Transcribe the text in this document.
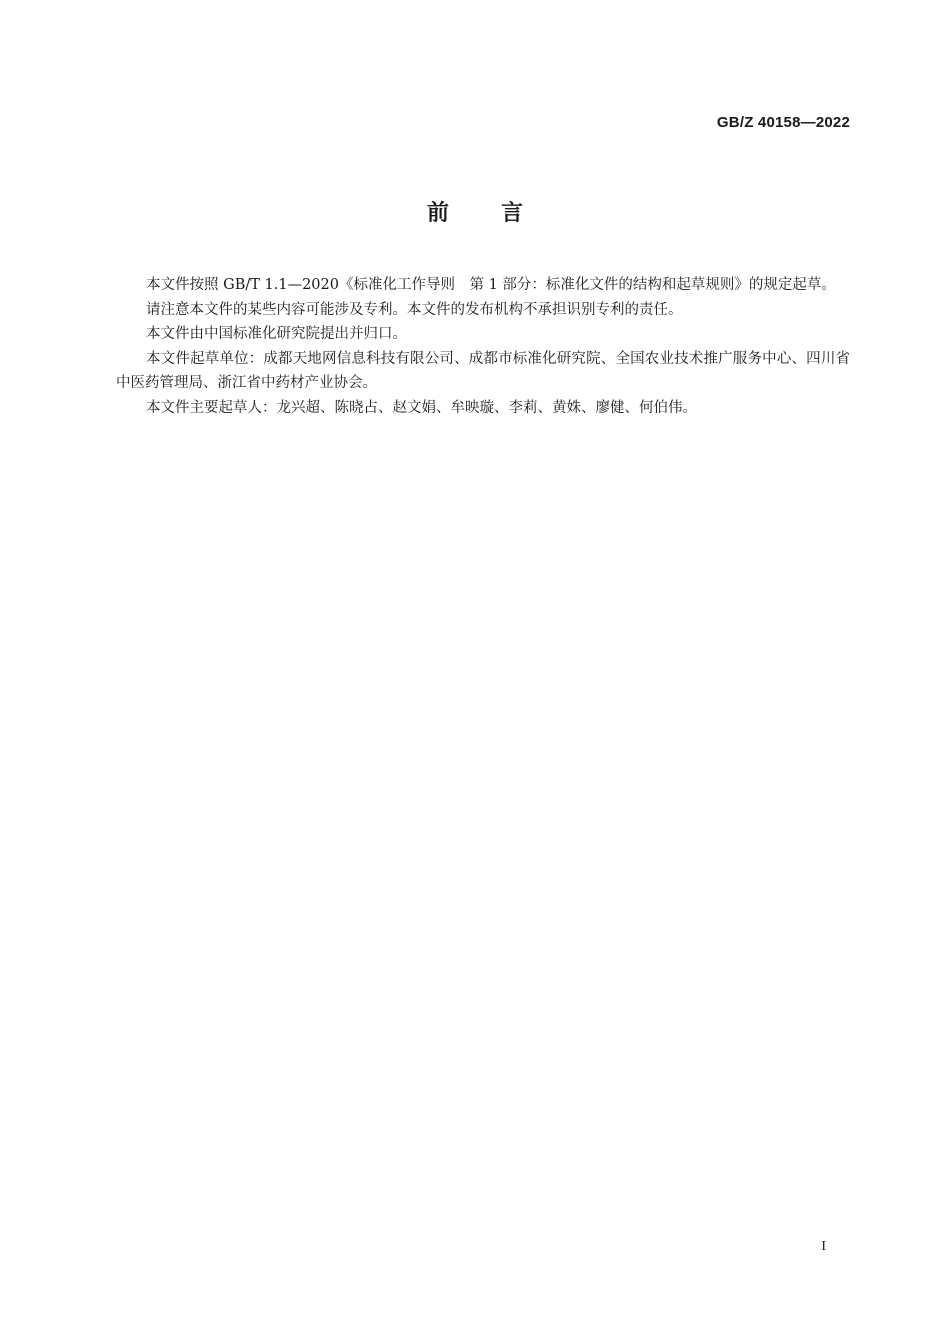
GB/Z 40158—2022
前 言

本文件按照 GB/T 1.1—2020《标准化工作导则　第 1 部分：标准化文件的结构和起草规则》的规定起草。

请注意本文件的某些内容可能涉及专利。本文件的发布机构不承担识别专利的责任。

本文件由中国标准化研究院提出并归口。

本文件起草单位：成都天地网信息科技有限公司、成都市标准化研究院、全国农业技术推广服务中心、四川省中医药管理局、浙江省中药材产业协会。

本文件主要起草人：龙兴超、陈晓占、赵文娟、牟映璇、李莉、黄姝、廖健、何伯伟。

I
